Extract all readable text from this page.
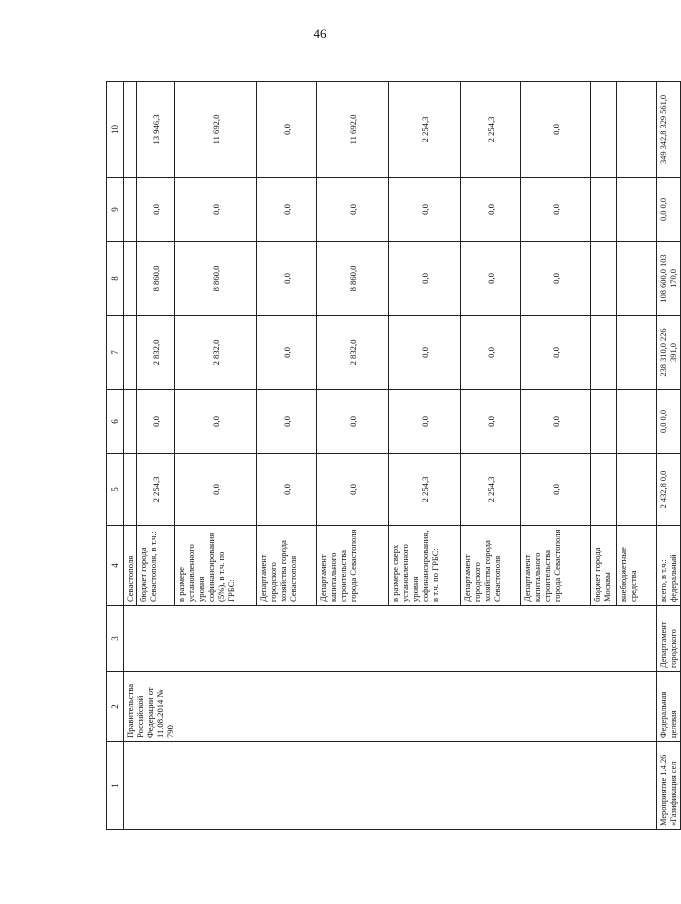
46
1	2	3	4	5	6	7	8	9	10
	Правительства Российской Федерации от 11.08.2014 № 790		Севастополя						
			бюджет города Севастополя, в т.ч.:	2 254,3	0,0	2 832,0	8 860,0	0,0	13 946,3
			в размере установленного уровня софинансирования (5%), в т.ч. по ГРБС:	0,0	0,0	2 832,0	8 860,0	0,0	11 692,0
			Департамент городского хозяйства города Севастополя	0,0	0,0	0,0	0,0	0,0	0,0
			Департамент капитального строительства города Севастополя	0,0	0,0	2 832,0	8 860,0	0,0	11 692,0
			в размере сверх установленного уровня софинансирования, в т.ч. по ГРБС:	2 254,3	0,0	0,0	0,0	0,0	2 254,3
			Департамент городского хозяйства города Севастополя	2 254,3	0,0	0,0	0,0	0,0	2 254,3
			Департамент капитального строительства города Севастополя	0,0	0,0	0,0	0,0	0,0	0,0
			бюджет города Москвы						
			внебюджетные средства						
Мероприятие 1.4.26 «Газификация сел	Федеральная целевая	Департамент городского	всего, в т.ч.: федеральный	2 432,8 0,0	0,0 0,0	238 310,0 226 391,0	108 600,0 103 170,0	0,0 0,0	349 342,8 329 561,0
